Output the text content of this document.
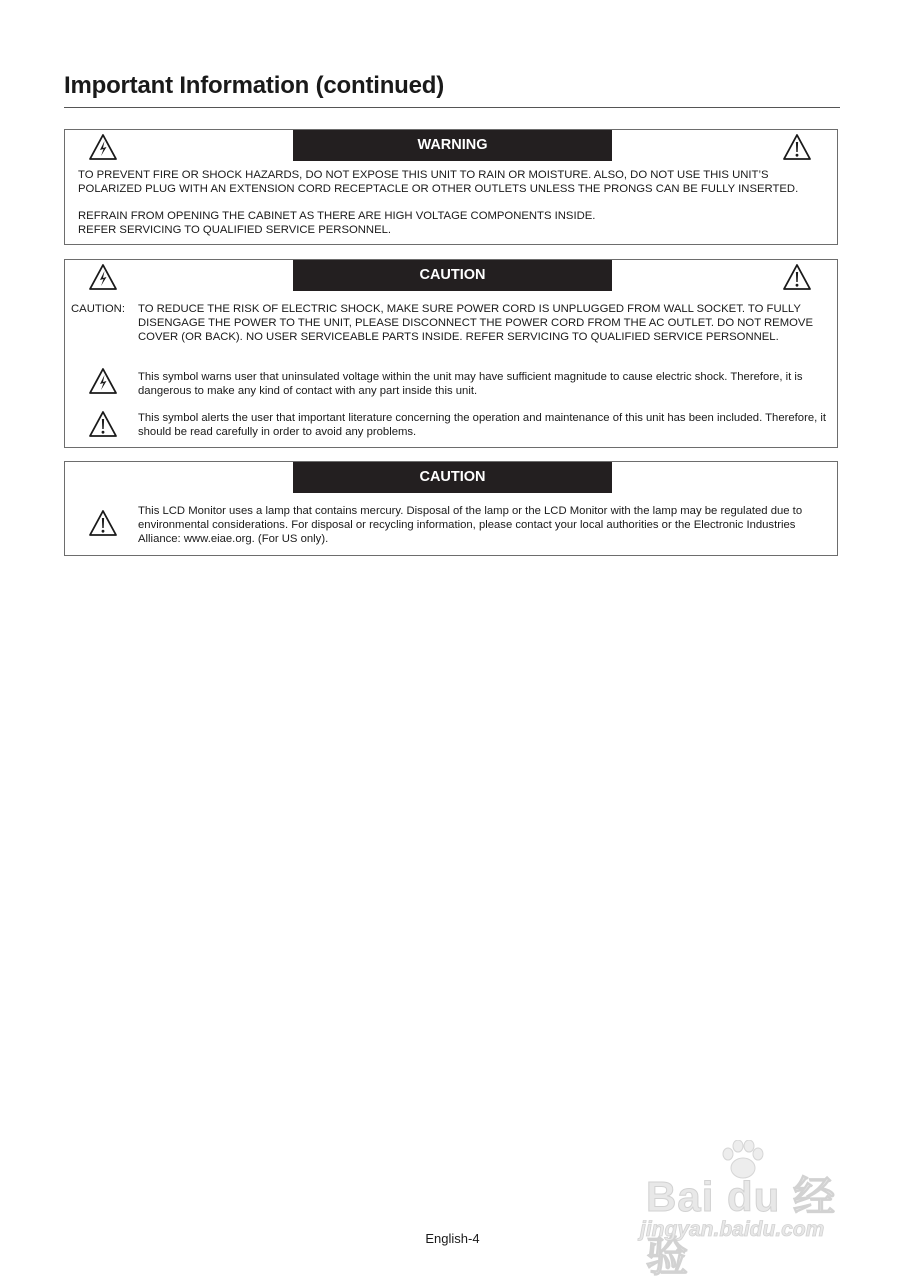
Important Information (continued)
WARNING

TO PREVENT FIRE OR SHOCK HAZARDS, DO NOT EXPOSE THIS UNIT TO RAIN OR MOISTURE. ALSO, DO NOT USE THIS UNIT’S

POLARIZED PLUG WITH AN EXTENSION CORD RECEPTACLE OR OTHER OUTLETS UNLESS THE PRONGS CAN BE FULLY INSERTED.

REFRAIN FROM OPENING THE CABINET AS THERE ARE HIGH VOLTAGE COMPONENTS INSIDE.

REFER SERVICING TO QUALIFIED SERVICE PERSONNEL.

CAUTION
CAUTION: TO REDUCE THE RISK OF ELECTRIC SHOCK, MAKE SURE POWER CORD IS UNPLUGGED FROM WALL SOCKET. TO FULLY DISENGAGE THE POWER TO THE UNIT, PLEASE DISCONNECT THE POWER CORD FROM THE AC OUTLET. DO NOT REMOVE COVER (OR BACK). NO USER SERVICEABLE PARTS INSIDE. REFER SERVICING TO QUALIFIED SERVICE PERSONNEL.

This symbol warns user that uninsulated voltage within the unit may have sufficient magnitude to cause electric shock. Therefore, it is dangerous to make any kind of contact with any part inside this unit.

This symbol alerts the user that important literature concerning the operation and maintenance of this unit has been included. Therefore, it should be read carefully in order to avoid any problems.

CAUTION

This LCD Monitor uses a lamp that contains mercury. Disposal of the lamp or the LCD Monitor with the lamp may be regulated due to environmental considerations. For disposal or recycling information, please contact your local authorities or the Electronic Industries Alliance: www.eiae.org. (For US only).

Bai du 经验
jingyan.baidu.com
English-4
